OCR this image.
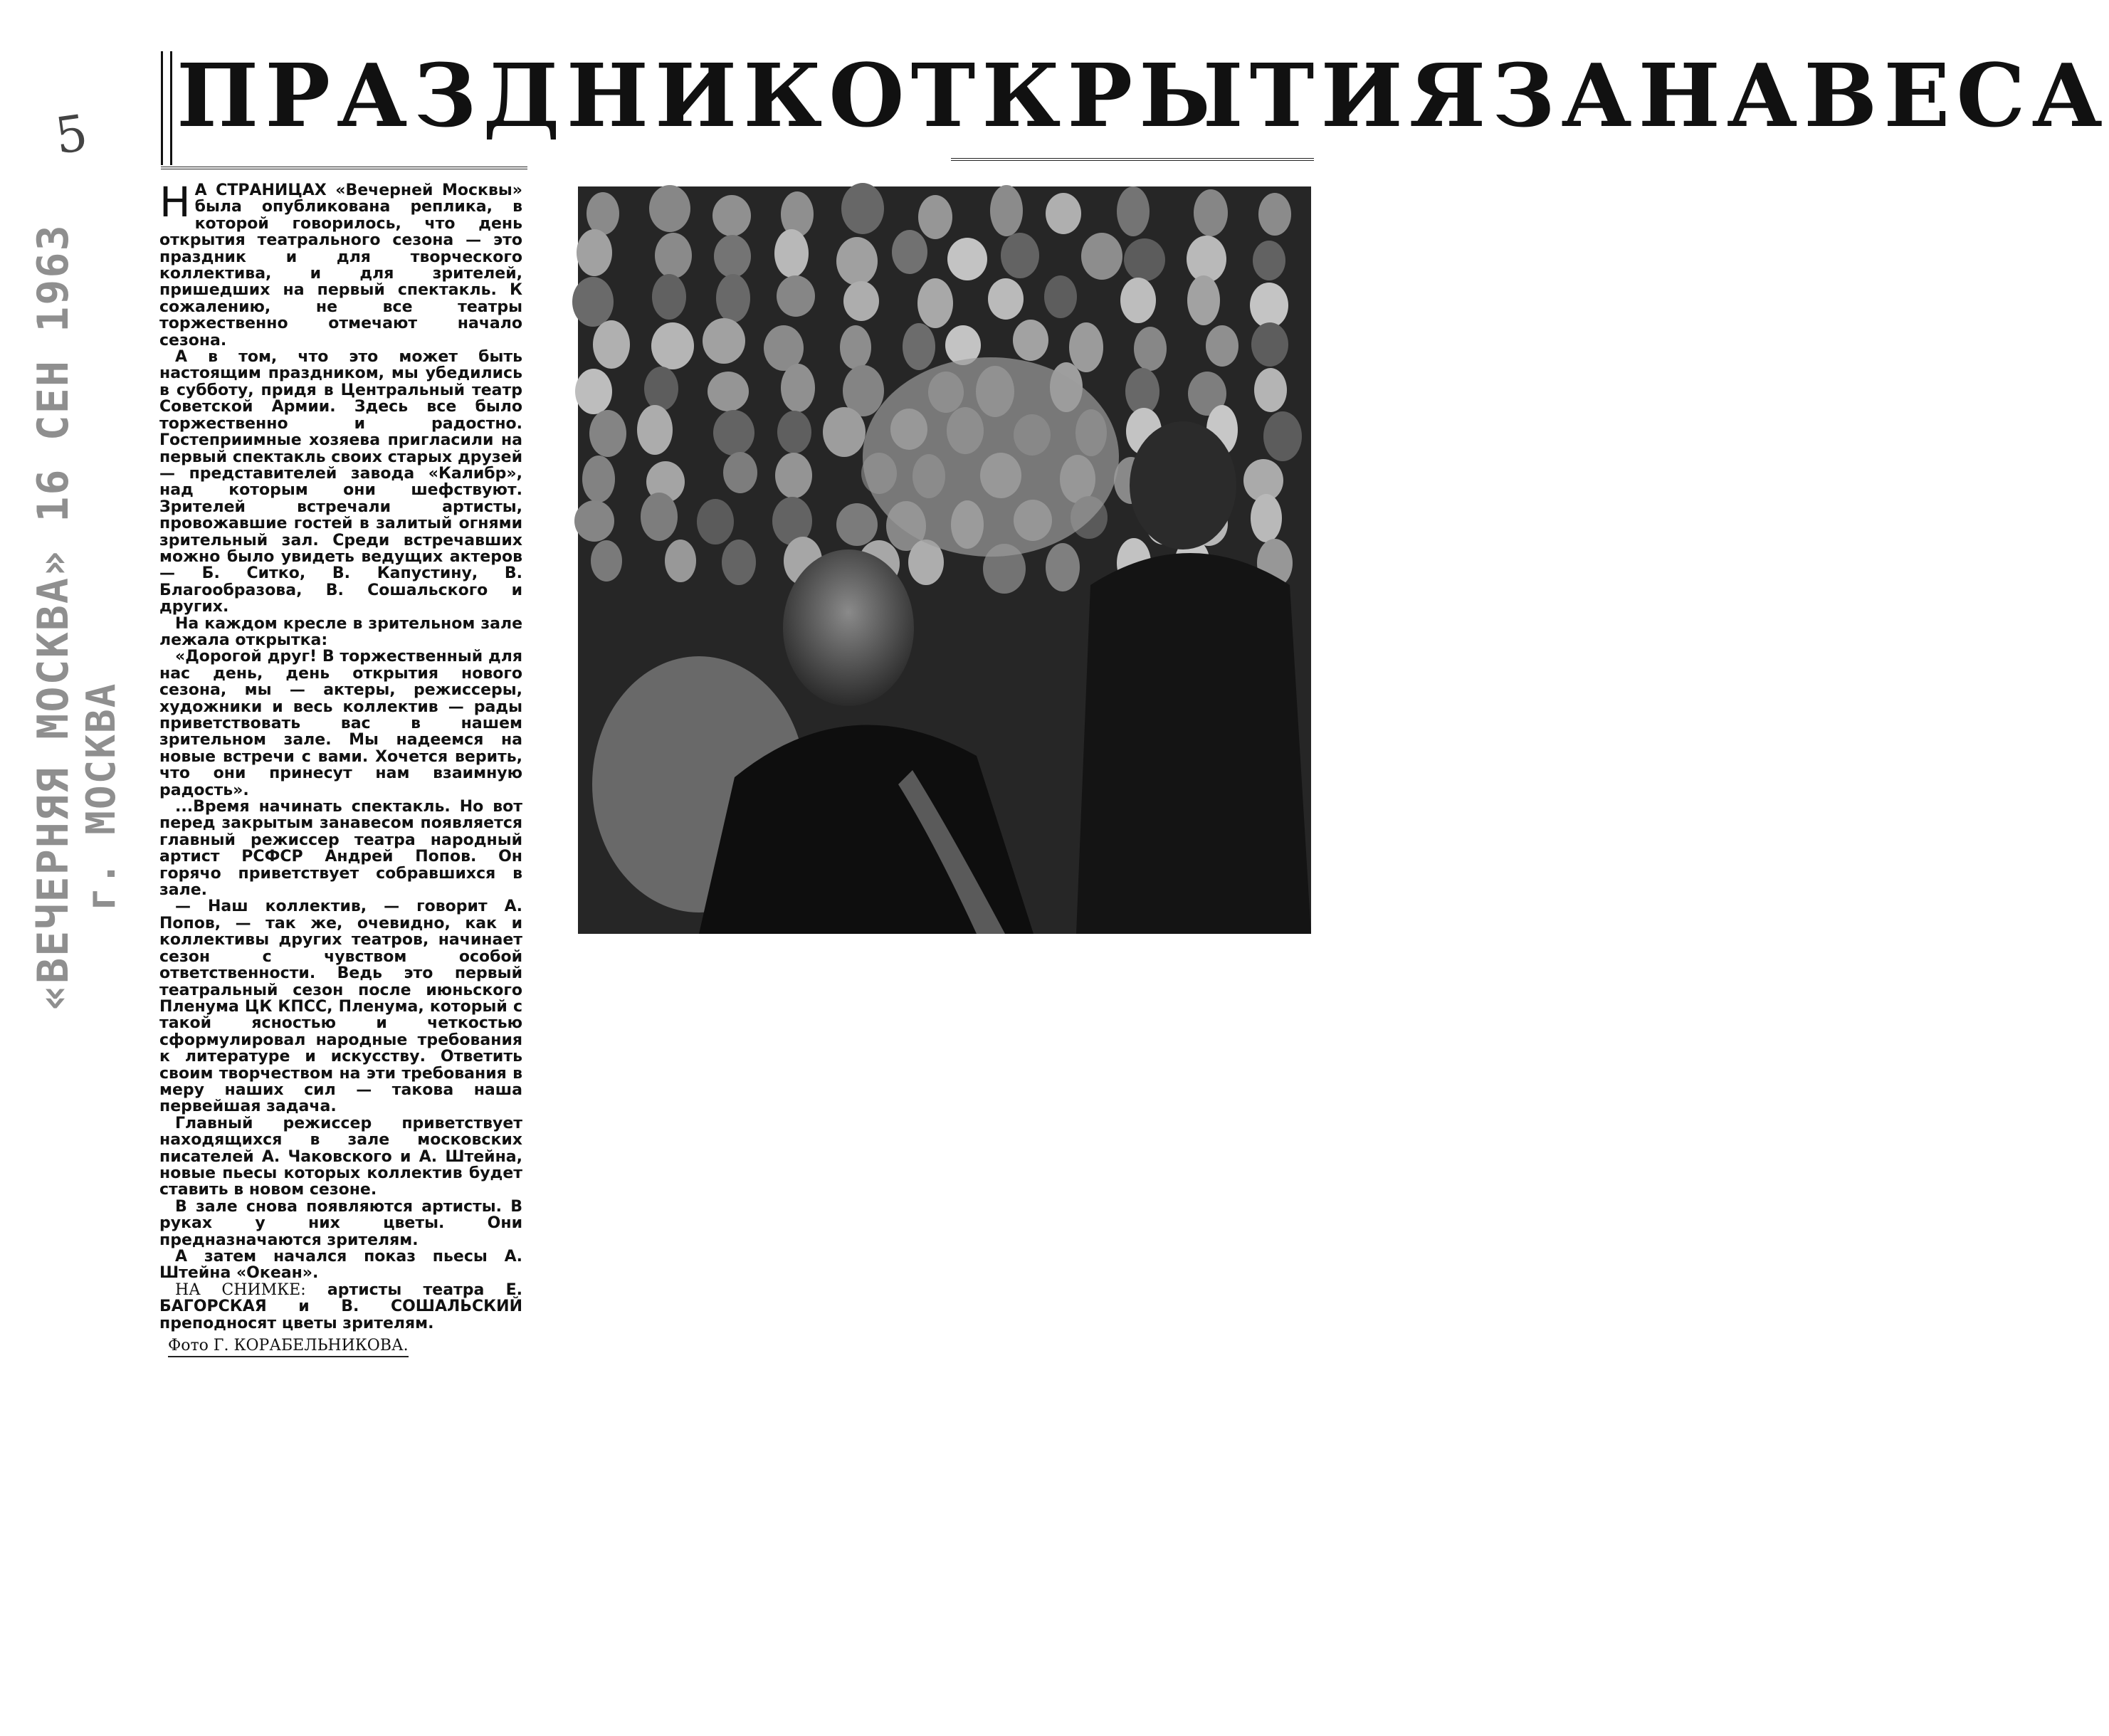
5
«ВЕЧЕРНЯЯ МОСКВА» 16 СЕН 1963 г. МОСКВА
ПРАЗДНИК ОТКРЫТИЯ ЗАНАВЕСА

Н А СТРАНИЦАХ «Вечерней Москвы» была опубликована реплика, в которой говорилось, что день открытия театрального сезона — это праздник и для творческого коллектива, и для зрителей, пришедших на первый спектакль. К сожалению, не все театры торжественно отмечают начало сезона.

А в том, что это может быть настоящим праздником, мы убедились в субботу, придя в Центральный театр Советской Армии. Здесь все было торжественно и радостно. Гостеприимные хозяева пригласили на первый спектакль своих старых друзей — представителей завода «Калибр», над которым они шефствуют. Зрителей встречали артисты, провожавшие гостей в залитый огнями зрительный зал. Среди встречавших можно было увидеть ведущих актеров — Б. Ситко, В. Капустину, В. Благообразова, В. Сошальского и других.

На каждом кресле в зрительном зале лежала открытка:

«Дорогой друг! В торжественный для нас день, день открытия нового сезона, мы — актеры, режиссеры, художники и весь коллектив — рады приветствовать вас в нашем зрительном зале. Мы надеемся на новые встречи с вами. Хочется верить, что они принесут нам взаимную радость».

...Время начинать спектакль. Но вот перед закрытым занавесом появляется главный режиссер театра народный артист РСФСР Андрей Попов. Он горячо приветствует собравшихся в зале.

— Наш коллектив, — говорит А. Попов, — так же, очевидно, как и коллективы других театров, начинает сезон с чувством особой ответственности. Ведь это первый театральный сезон после июньского Пленума ЦК КПСС, Пленума, который с такой ясностью и четкостью сформулировал народные требования к литературе и искусству. Ответить своим творчеством на эти требования в меру наших сил — такова наша первейшая задача.

Главный режиссер приветствует находящихся в зале московских писателей А. Чаковского и А. Штейна, новые пьесы которых коллектив будет ставить в новом сезоне.

В зале снова появляются артисты. В руках у них цветы. Они предназначаются зрителям.

А затем начался показ пьесы А. Штейна «Океан».

НА СНИМКЕ: артисты театра Е. БАГОРСКАЯ и В. СОШАЛЬСКИЙ преподносят цветы зрителям.

Фото Г. КОРАБЕЛЬНИКОВА.
